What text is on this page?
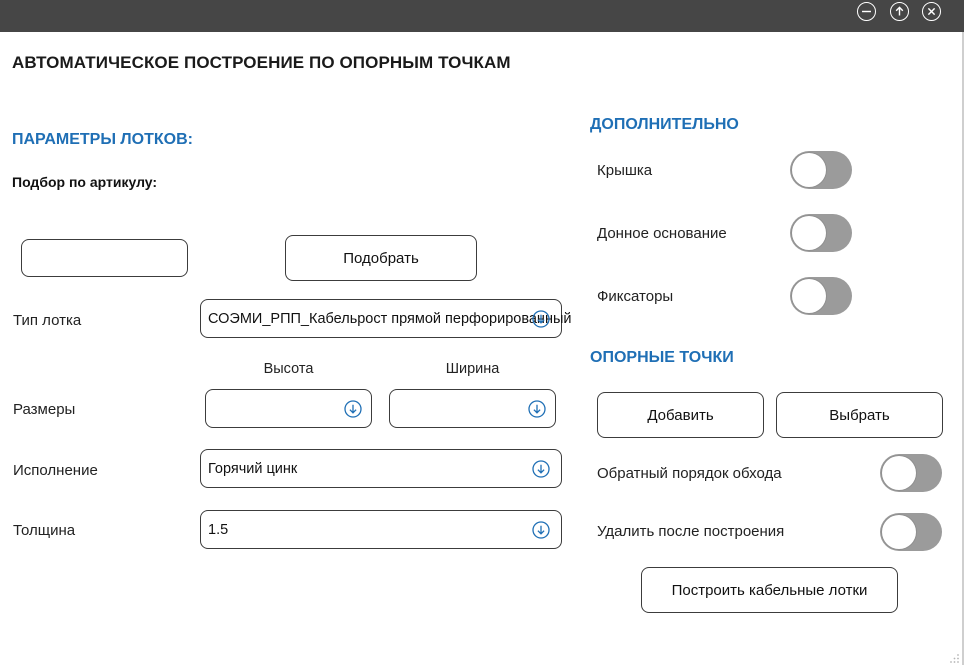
АВТОМАТИЧЕСКОЕ ПОСТРОЕНИЕ ПО ОПОРНЫМ ТОЧКАМ
ПАРАМЕТРЫ ЛОТКОВ:
Подбор по артикулу:
Подобрать
Тип лотка	СОЭМИ_РПП_Кабельрост прямой перфорированный
Высота	Ширина
Размеры
Исполнение	Горячий цинк
Толщина	1.5
ДОПОЛНИТЕЛЬНО
Крышка
Донное основание
Фиксаторы
ОПОРНЫЕ ТОЧКИ
Добавить	Выбрать
Обратный порядок обхода
Удалить после построения
Построить кабельные лотки
